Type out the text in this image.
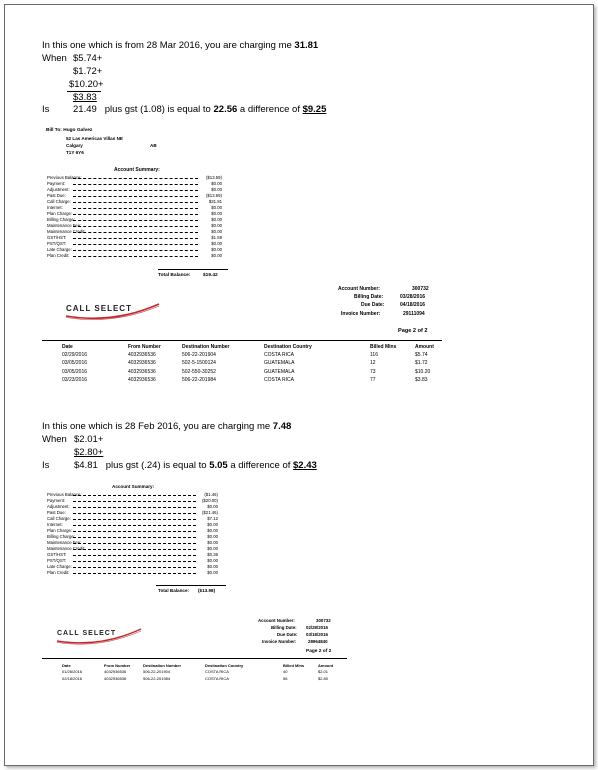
In this one which is from 28 Mar 2016, you are charging me 31.81
When $5.74+
$1.72+
$10.20+
$3.83
Is 21.49 plus gst (1.08) is equal to 22.56 a difference of $9.25
Bill To: Hugo Galvez
52 Las Americas Villas NE
Calgary	AB
T1Y 6Y6
Account Summary:
Previous Balance:	($13.59)
Payment:	$0.00
Adjustment:	$0.00
Past Due:	($13.59)
Call Charge:	$31.81
Internet:	$0.00
Plan Charge:	$0.00
Billing Charge:	$0.00
Maintenance Fee:	$0.00
Maintenance Credit:	$0.00
GST/HST:	$1.59
PST/QST:	$0.00
Late Charge:	$0.00
Plan Credit:	$0.00
Total Balance:	$19.42
Account Number:	300732
Billing Date:	03/28/2016
Due Date:	04/18/2016
Invoice Number:	29111094
CALL SELECT
Page 2 of 2
Date	From Number	Destination Number	Destination Country	Billed Mins	Amount
02/29/2016	4032936536	506-22-201904	COSTA RICA	116	$5.74
03/05/2016	4032936536	502-5-1500124	GUATEMALA	12	$1.72
03/05/2016	4032936536	502-550-30252	GUATEMALA	73	$10.20
03/23/2016	4032936536	506-22-201984	COSTA RICA	77	$3.83
In this one which is 28 Feb 2016, you are charging me 7.48
When $2.01+
$2.80+
Is	$4.81 plus gst (.24) is equal to 5.05 a difference of $2.43
Account Summary:
Previous Balance:	($1.46)
Payment:	($20.00)
Adjustment:	$0.00
Past Due:	($21.46)
Call Charge:	$7.12
Internet:	$0.00
Plan Charge:	$0.00
Billing Charge:	$0.00
Maintenance Fee:	$0.00
Maintenance Credit:	$0.00
GST/HST:	$0.36
PST/QST:	$0.00
Late Charge:	$0.00
Plan Credit:	$0.00
Total Balance: ($13.98)
Account Number:	300732
Billing Date: 02/28/2016
Due Date: 03/18/2016
Invoice Number:	28964840
CALL SELECT
Page 2 of 2
Date	From Number	Destination Number	Destination Country	Billed Mins	Amount
01/28/2016	4032936536	506-22-201904	COSTA RICA	40	$2.01
02/18/2016	4032936536	506-22-201984	COSTA RICA	56	$2.80
